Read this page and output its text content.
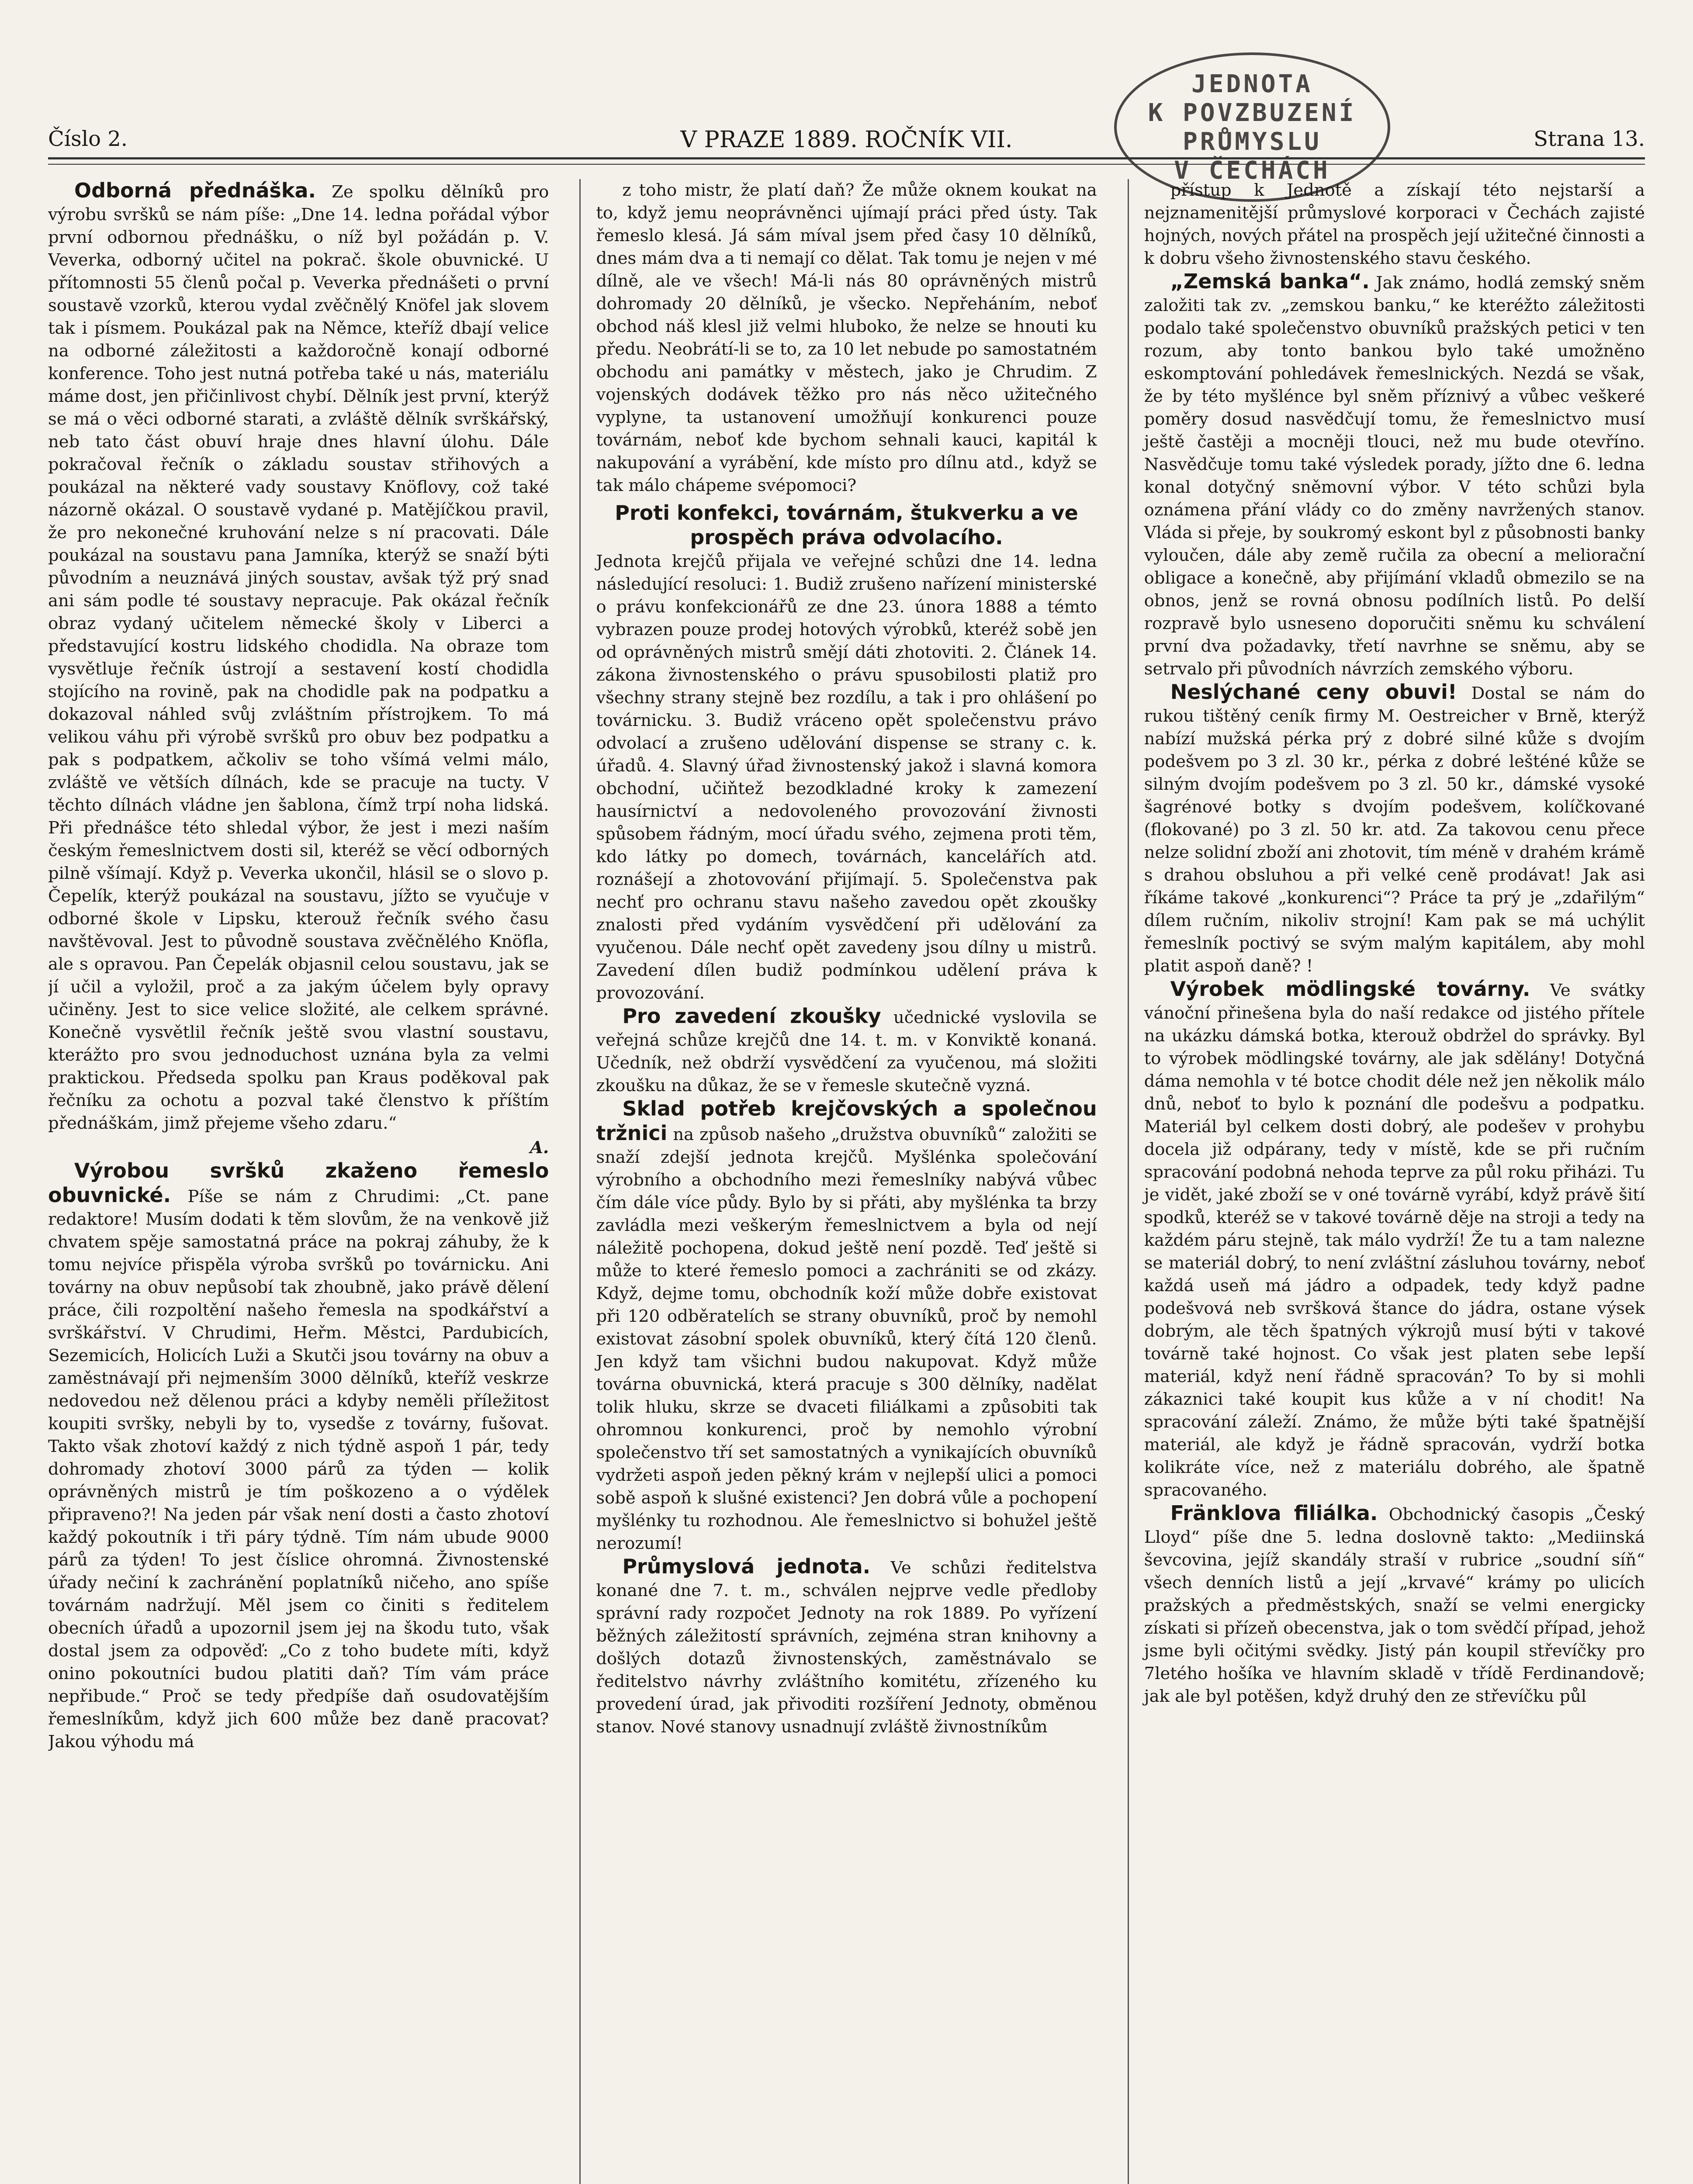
Číslo 2.	V PRAZE 1889. ROČNÍK VII.	Strana 13.
JEDNOTA
K POVZBUZENÍ
PRŮMYSLU
V ČECHÁCH

Odborná přednáška. Ze spolku dělníků pro výrobu svršků se nám píše: „Dne 14. ledna pořádal výbor první odbornou přednášku, o níž byl požádán p. V. Veverka, odborný učitel na pokrač. škole obuvnické. U přítomnosti 55 členů počal p. Veverka přednášeti o první soustavě vzorků, kterou vydal zvěčnělý Knöfel jak slovem tak i písmem. Poukázal pak na Němce, kteříž dbají velice na odborné záležitosti a každoročně konají odborné konference. Toho jest nutná potřeba také u nás, materiálu máme dost, jen přičinlivost chybí. Dělník jest první, kterýž se má o věci odborné starati, a zvláště dělník svrškářský, neb tato část obuví hraje dnes hlavní úlohu. Dále pokračoval řečník o základu soustav střihových a poukázal na některé vady soustavy Knöflovy, což také názorně okázal. O soustavě vydané p. Matějíčkou pravil, že pro nekonečné kruhování nelze s ní pracovati. Dále poukázal na soustavu pana Jamníka, kterýž se snaží býti původním a neuznává jiných soustav, avšak týž prý snad ani sám podle té soustavy nepracuje. Pak okázal řečník obraz vydaný učitelem německé školy v Liberci a představující kostru lidského chodidla. Na obraze tom vysvětluje řečník ústrojí a sestavení kostí chodidla stojícího na rovině, pak na chodidle pak na podpatku a dokazoval náhled svůj zvláštním přístrojkem. To má velikou váhu při výrobě svršků pro obuv bez podpatku a pak s podpatkem, ačkoliv se toho všímá velmi málo, zvláště ve větších dílnách, kde se pracuje na tucty. V těchto dílnách vládne jen šablona, čímž trpí noha lidská. Při přednášce této shledal výbor, že jest i mezi naším českým řemeslnictvem dosti sil, kteréž se věcí odborných pilně všímají. Když p. Veverka ukončil, hlásil se o slovo p. Čepelík, kterýž poukázal na soustavu, jížto se vyučuje v odborné škole v Lipsku, kterouž řečník svého času navštěvoval. Jest to původně soustava zvěčnělého Knöfla, ale s opravou. Pan Čepelák objasnil celou soustavu, jak se jí učil a vyložil, proč a za jakým účelem byly opravy učiněny. Jest to sice velice složité, ale celkem správné. Konečně vysvětlil řečník ještě svou vlastní soustavu, kterážto pro svou jednoduchost uznána byla za velmi praktickou. Předseda spolku pan Kraus poděkoval pak řečníku za ochotu a pozval také členstvo k příštím přednáškám, jimž přejeme všeho zdaru.“
A.

Výrobou svršků zkaženo řemeslo obuvnické. Píše se nám z Chrudimi: „Ct. pane redaktore! Musím dodati k těm slovům, že na venkově již chvatem spěje samostatná práce na pokraj záhuby, že k tomu nejvíce přispěla výroba svršků po továrnicku. Ani továrny na obuv nepůsobí tak zhoubně, jako právě dělení práce, čili rozpoltění našeho řemesla na spodkářství a svrškářství. V Chrudimi, Heřm. Městci, Pardubicích, Sezemicích, Holicích Luži a Skutči jsou továrny na obuv a zaměstnávají při nejmenším 3000 dělníků, kteříž veskrze nedovedou než dělenou práci a kdyby neměli příležitost koupiti svršky, nebyli by to, vysedše z továrny, fušovat. Takto však zhotoví každý z nich týdně aspoň 1 pár, tedy dohromady zhotoví 3000 párů za týden — kolik oprávněných mistrů je tím poškozeno a o výdělek připraveno?! Na jeden pár však není dosti a často zhotoví každý pokoutník i tři páry týdně. Tím nám ubude 9000 párů za týden! To jest číslice ohromná. Živnostenské úřady nečiní k zachránění poplatníků ničeho, ano spíše továrnám nadržují. Měl jsem co činiti s ředitelem obecních úřadů a upozornil jsem jej na škodu tuto, však dostal jsem za odpověď: „Co z toho budete míti, když onino pokoutníci budou platiti daň? Tím vám práce nepřibude.“ Proč se tedy předpíše daň osudovatějším řemeslníkům, když jich 600 může bez daně pracovat? Jakou výhodu má

z toho mistr, že platí daň? Že může oknem koukat na to, když jemu neoprávněnci ujímají práci před ústy. Tak řemeslo klesá. Já sám míval jsem před časy 10 dělníků, dnes mám dva a ti nemají co dělat. Tak tomu je nejen v mé dílně, ale ve všech! Má-li nás 80 oprávněných mistrů dohromady 20 dělníků, je všecko. Nepřeháním, neboť obchod náš klesl již velmi hluboko, že nelze se hnouti ku předu. Neobrátí-li se to, za 10 let nebude po samostatném obchodu ani památky v městech, jako je Chrudim. Z vojenských dodávek těžko pro nás něco užitečného vyplyne, ta ustanovení umožňují konkurenci pouze továrnám, neboť kde bychom sehnali kauci, kapitál k nakupování a vyrábění, kde místo pro dílnu atd., když se tak málo chápeme svépomoci?

Proti konfekci, továrnám, štukverku a ve prospěch práva odvolacího.
Jednota krejčů přijala ve veřejné schůzi dne 14. ledna následující resoluci: 1. Budiž zrušeno nařízení ministerské o právu konfekcionářů ze dne 23. února 1888 a témto vybrazen pouze prodej hotových výrobků, kteréž sobě jen od oprávněných mistrů smějí dáti zhotoviti. 2. Článek 14. zákona živnostenského o právu spusobilosti platiž pro všechny strany stejně bez rozdílu, a tak i pro ohlášení po továrnicku. 3. Budiž vráceno opět společenstvu právo odvolací a zrušeno udělování dispense se strany c. k. úřadů. 4. Slavný úřad živnostenský jakož i slavná komora obchodní, učiňtež bezodkladné kroky k zamezení hausírnictví a nedovoleného provozování živnosti spůsobem řádným, mocí úřadu svého, zejmena proti těm, kdo látky po domech, továrnách, kancelářích atd. roznášejí a zhotovování přijímají. 5. Společenstva pak nechť pro ochranu stavu našeho zavedou opět zkoušky znalosti před vydáním vysvědčení při udělování za vyučenou. Dále nechť opět zavedeny jsou dílny u mistrů. Zavedení dílen budiž podmínkou udělení práva k provozování.

Pro zavedení zkoušky učednické vyslovila se veřejná schůze krejčů dne 14. t. m. v Konviktě konaná. Učedník, než obdrží vysvědčení za vyučenou, má složiti zkoušku na důkaz, že se v řemesle skutečně vyzná.

Sklad potřeb krejčovských a společnou tržnici na způsob našeho „družstva obuvníků“ založiti se snaží zdejší jednota krejčů. Myšlénka společování výrobního a obchodního mezi řemeslníky nabývá vůbec čím dále více půdy. Bylo by si přáti, aby myšlénka ta brzy zavládla mezi veškerým řemeslnictvem a byla od nejí náležitě pochopena, dokud ještě není pozdě. Teď ještě si může to které řemeslo pomoci a zachrániti se od zkázy. Když, dejme tomu, obchodník koží může dobře existovat při 120 odběratelích se strany obuvníků, proč by nemohl existovat zásobní spolek obuvníků, který čítá 120 členů. Jen když tam všichni budou nakupovat. Když může továrna obuvnická, která pracuje s 300 dělníky, nadělat tolik hluku, skrze se dvaceti filiálkami a způsobiti tak ohromnou konkurenci, proč by nemohlo výrobní společenstvo tří set samostatných a vynikajících obuvníků vydržeti aspoň jeden pěkný krám v nejlepší ulici a pomoci sobě aspoň k slušné existenci? Jen dobrá vůle a pochopení myšlénky tu rozhodnou. Ale řemeslnictvo si bohužel ještě nerozumí!

Průmyslová jednota. Ve schůzi ředitelstva konané dne 7. t. m., schválen nejprve vedle předloby správní rady rozpočet Jednoty na rok 1889. Po vyřízení běžných záležitostí správních, zejména stran knihovny a došlých dotazů živnostenských, zaměstnávalo se ředitelstvo návrhy zvláštního komitétu, zřízeného ku provedení úrad, jak přivoditi rozšíření Jednoty, obměnou stanov. Nové stanovy usnadnují zvláště živnostníkům

přístup k Jednotě a získají této nejstarší a nejznamenitější průmyslové korporaci v Čechách zajisté hojných, nových přátel na prospěch její užitečné činnosti a k dobru všeho živnostenského stavu českého.

„Zemská banka“. Jak známo, hodlá zemský sněm založiti tak zv. „zemskou banku,“ ke kteréžto záležitosti podalo také společenstvo obuvníků pražských petici v ten rozum, aby tonto bankou bylo také umožněno eskomptování pohledávek řemeslnických. Nezdá se však, že by této myšlénce byl sněm příznivý a vůbec veškeré poměry dosud nasvědčují tomu, že řemeslnictvo musí ještě častěji a mocněji tlouci, než mu bude otevříno. Nasvědčuje tomu také výsledek porady, jížto dne 6. ledna konal dotyčný sněmovní výbor. V této schůzi byla oznámena přání vlády co do změny navržených stanov. Vláda si přeje, by soukromý eskont byl z působnosti banky vyloučen, dále aby země ručila za obecní a meliorační obligace a konečně, aby přijímání vkladů obmezilo se na obnos, jenž se rovná obnosu podílních listů. Po delší rozpravě bylo usneseno doporučiti sněmu ku schválení první dva požadavky, třetí navrhne se sněmu, aby se setrvalo při původních návrzích zemského výboru.

Neslýchané ceny obuvi! Dostal se nám do rukou tištěný ceník firmy M. Oestreicher v Brně, kterýž nabízí mužská pérka prý z dobré silné kůže s dvojím podešvem po 3 zl. 30 kr., pérka z dobré lešténé kůže se silným dvojím podešvem po 3 zl. 50 kr., dámské vysoké šagrénové botky s dvojím podešvem, kolíčkované (flokované) po 3 zl. 50 kr. atd. Za takovou cenu přece nelze solidní zboží ani zhotovit, tím méně v drahém krámě s drahou obsluhou a při velké ceně prodávat! Jak asi říkáme takové „konkurenci“? Práce ta prý je „zdařilým“ dílem ručním, nikoliv strojní! Kam pak se má uchýlit řemeslník poctivý se svým malým kapitálem, aby mohl platit aspoň daně? !

Výrobek mödlingské továrny. Ve svátky vánoční přinešena byla do naší redakce od jistého přítele na ukázku dámská botka, kterouž obdržel do správky. Byl to výrobek mödlingské továrny, ale jak sdělány! Dotyčná dáma nemohla v té botce chodit déle než jen několik málo dnů, neboť to bylo k poznání dle podešvu a podpatku. Materiál byl celkem dosti dobrý, ale podešev v prohybu docela již odpárany, tedy v místě, kde se při ručním spracování podobná nehoda teprve za půl roku přiházi. Tu je vidět, jaké zboží se v oné továrně vyrábí, když právě šití spodků, kteréž se v takové továrně děje na stroji a tedy na každém páru stejně, tak málo vydrží! Že tu a tam nalezne se materiál dobrý, to není zvláštní zásluhou továrny, neboť každá useň má jádro a odpadek, tedy když padne podešvová neb svršková štance do jádra, ostane výsek dobrým, ale těch špatných výkrojů musí býti v takové továrně také hojnost. Co však jest platen sebe lepší materiál, když není řádně spracován? To by si mohli zákaznici také koupit kus kůže a v ní chodit! Na spracování záleží. Známo, že může býti také špatnější materiál, ale když je řádně spracován, vydrží botka kolikráte více, než z materiálu dobrého, ale špatně spracovaného.

Fränklova filiálka. Obchodnický časopis „Český Lloyd“ píše dne 5. ledna doslovně takto: „Mediinská ševcovina, jejíž skandály straší v rubrice „soudní síň“ všech denních listů a její „krvavé“ krámy po ulicích pražských a předměstských, snaží se velmi energicky získati si přízeň obecenstva, jak o tom svědčí případ, jehož jsme byli očitými svědky. Jistý pán koupil střevíčky pro 7letého hošíka ve hlavním skladě v třídě Ferdinandově; jak ale byl potěšen, když druhý den ze střevíčku půl
